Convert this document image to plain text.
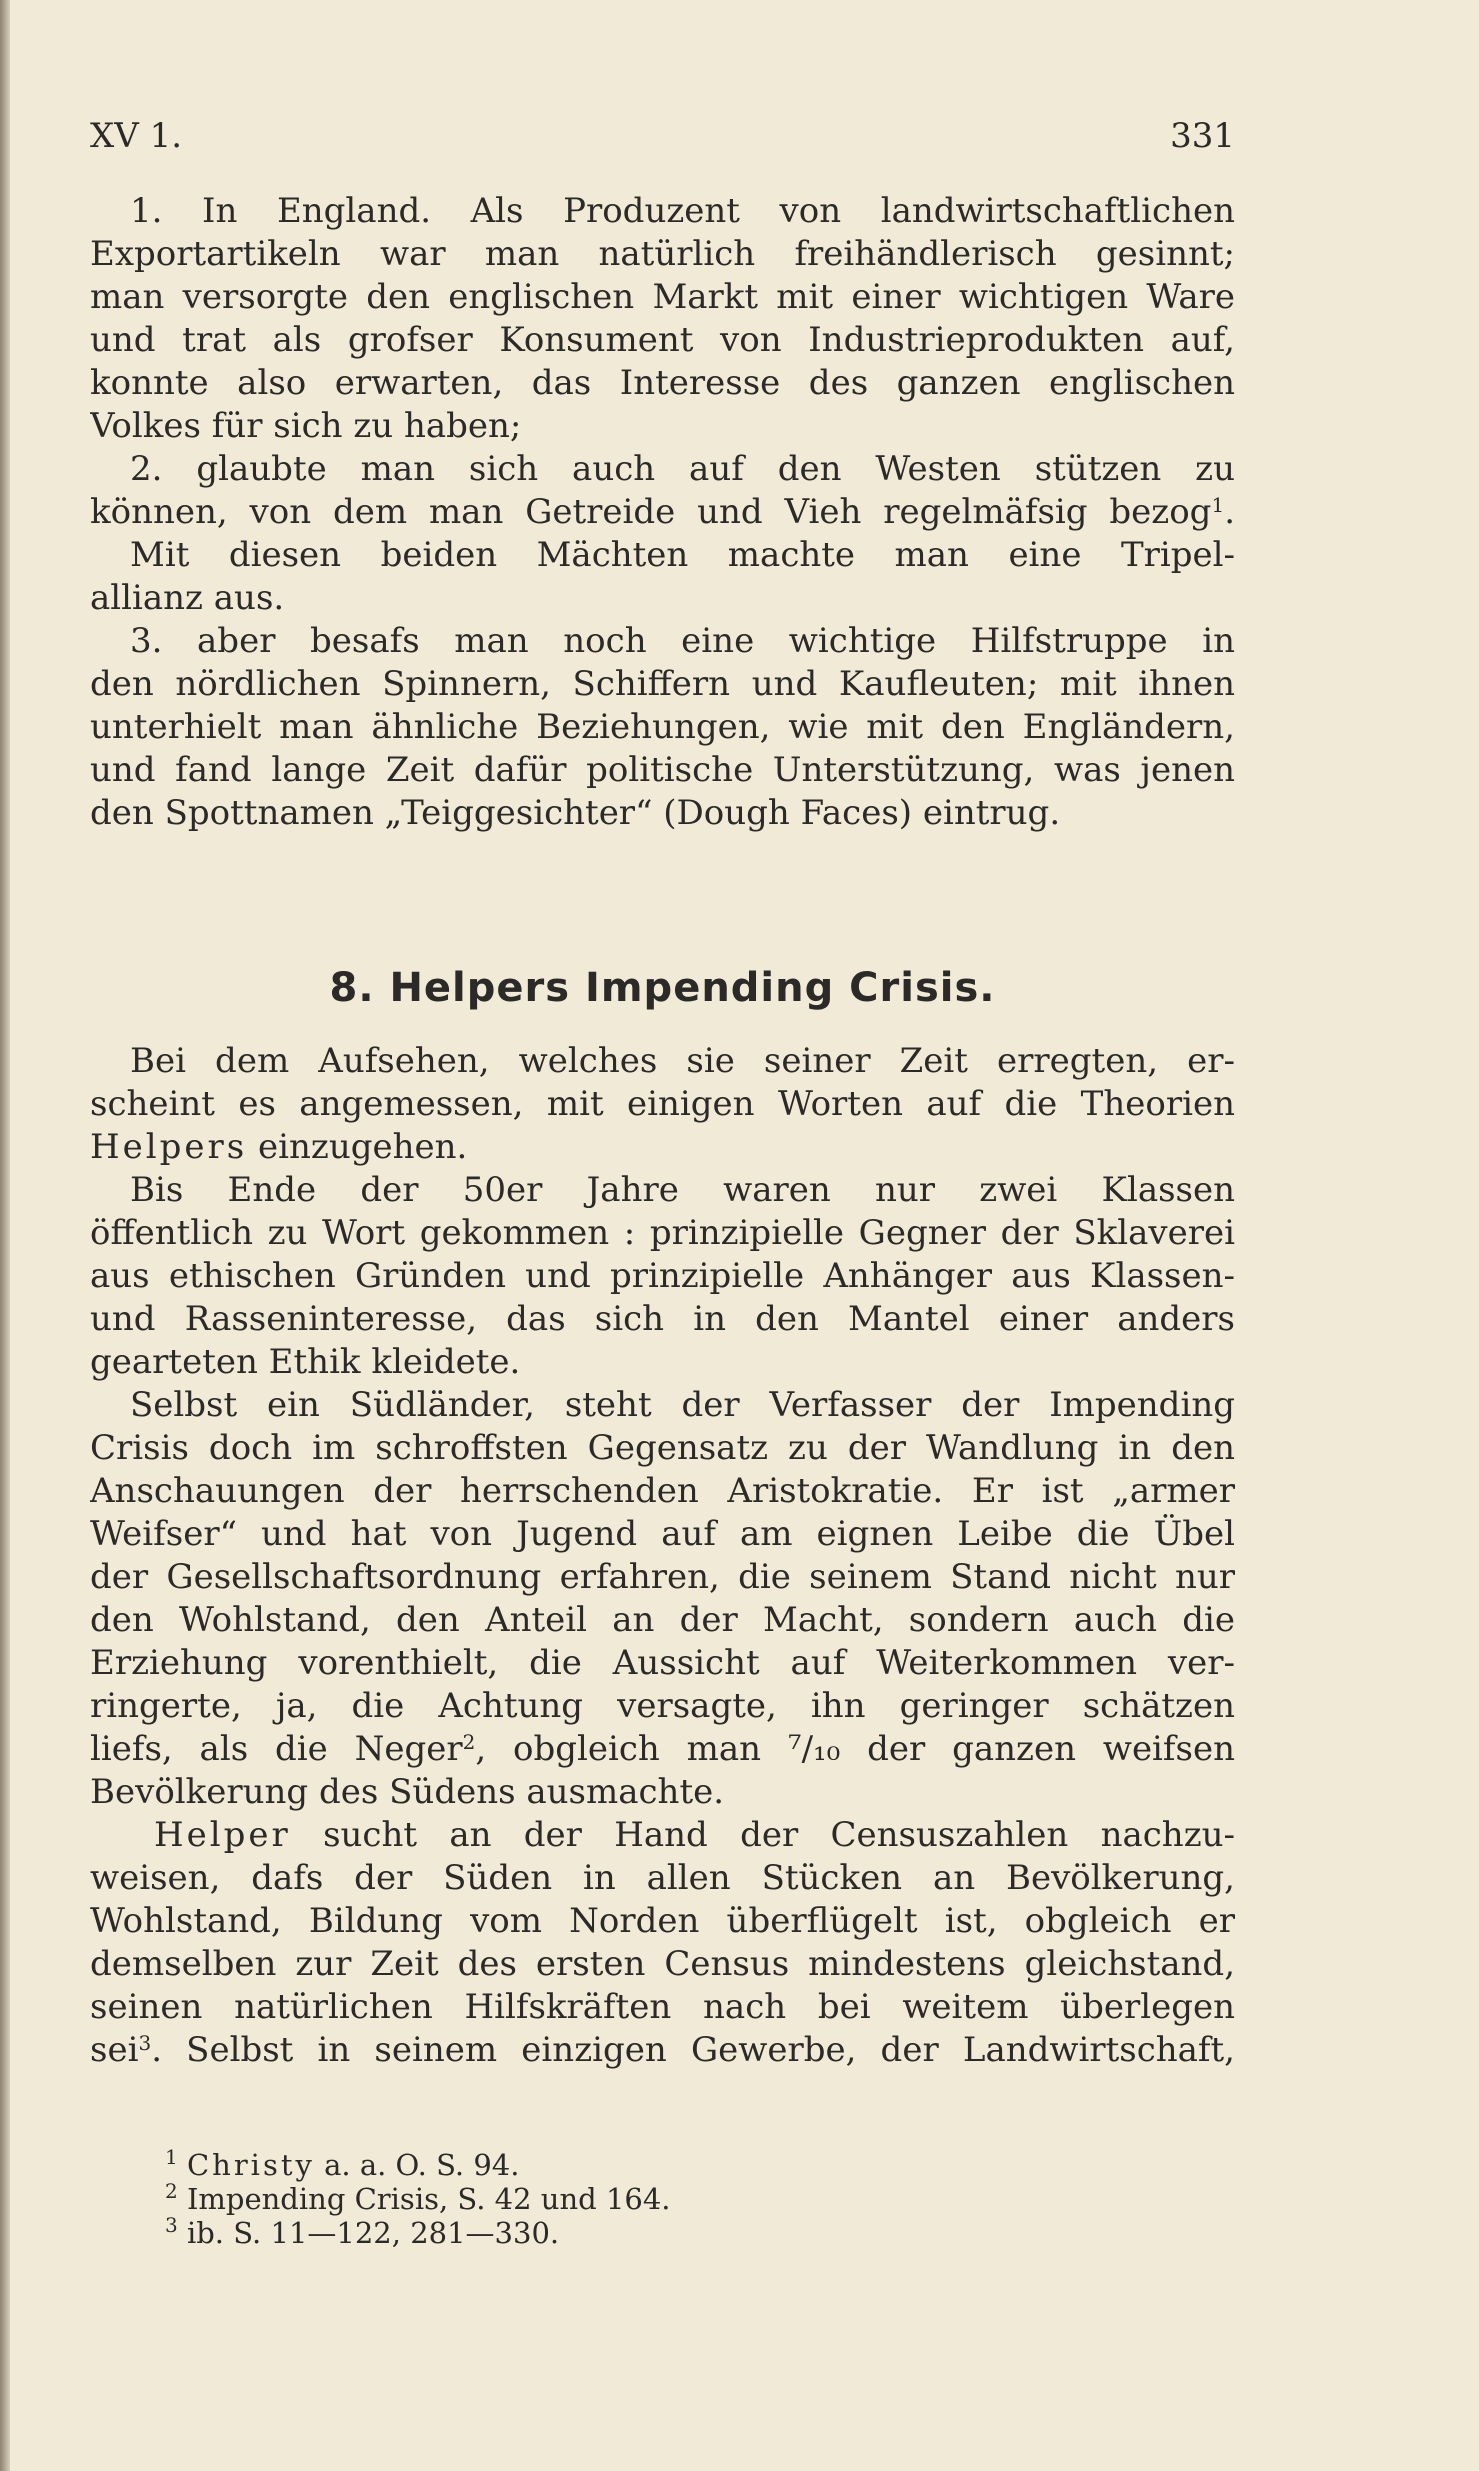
XV 1.	331
1. In England. Als Produzent von landwirtschaftlichen
Exportartikeln war man natürlich freihändlerisch gesinnt;
man versorgte den englischen Markt mit einer wichtigen Ware
und trat als grofser Konsument von Industrieprodukten auf,
konnte also erwarten, das Interesse des ganzen englischen
Volkes für sich zu haben;
2. glaubte man sich auch auf den Westen stützen zu
können, von dem man Getreide und Vieh regelmäfsig bezog$^1$.
Mit diesen beiden Mächten machte man eine Tripel-
allianz aus.
3. aber besafs man noch eine wichtige Hilfstruppe in
den nördlichen Spinnern, Schiffern und Kaufleuten; mit ihnen
unterhielt man ähnliche Beziehungen, wie mit den Engländern,
und fand lange Zeit dafür politische Unterstützung, was jenen
den Spottnamen „Teiggesichter“ (Dough Faces) eintrug.
8. Helpers Impending Crisis.
Bei dem Aufsehen, welches sie seiner Zeit erregten, er-
scheint es angemessen, mit einigen Worten auf die Theorien
Helpers einzugehen.
Bis Ende der 50er Jahre waren nur zwei Klassen
öffentlich zu Wort gekommen : prinzipielle Gegner der Sklaverei
aus ethischen Gründen und prinzipielle Anhänger aus Klassen-
und Rasseninteresse, das sich in den Mantel einer anders
gearteten Ethik kleidete.
Selbst ein Südländer, steht der Verfasser der Impending
Crisis doch im schroffsten Gegensatz zu der Wandlung in den
Anschauungen der herrschenden Aristokratie. Er ist „armer
Weifser“ und hat von Jugend auf am eignen Leibe die Übel
der Gesellschaftsordnung erfahren, die seinem Stand nicht nur
den Wohlstand, den Anteil an der Macht, sondern auch die
Erziehung vorenthielt, die Aussicht auf Weiterkommen ver-
ringerte, ja, die Achtung versagte, ihn geringer schätzen
liefs, als die Neger$^2$, obgleich man ⁷/₁₀ der ganzen weifsen
Bevölkerung des Südens ausmachte.
Helper sucht an der Hand der Censuszahlen nachzu-
weisen, dafs der Süden in allen Stücken an Bevölkerung,
Wohlstand, Bildung vom Norden überflügelt ist, obgleich er
demselben zur Zeit des ersten Census mindestens gleichstand,
seinen natürlichen Hilfskräften nach bei weitem überlegen
sei$^3$. Selbst in seinem einzigen Gewerbe, der Landwirtschaft,
$^1$ Christy a. a. O. S. 94.
$^2$ Impending Crisis, S. 42 und 164.
$^3$ ib. S. 11—122, 281—330.
